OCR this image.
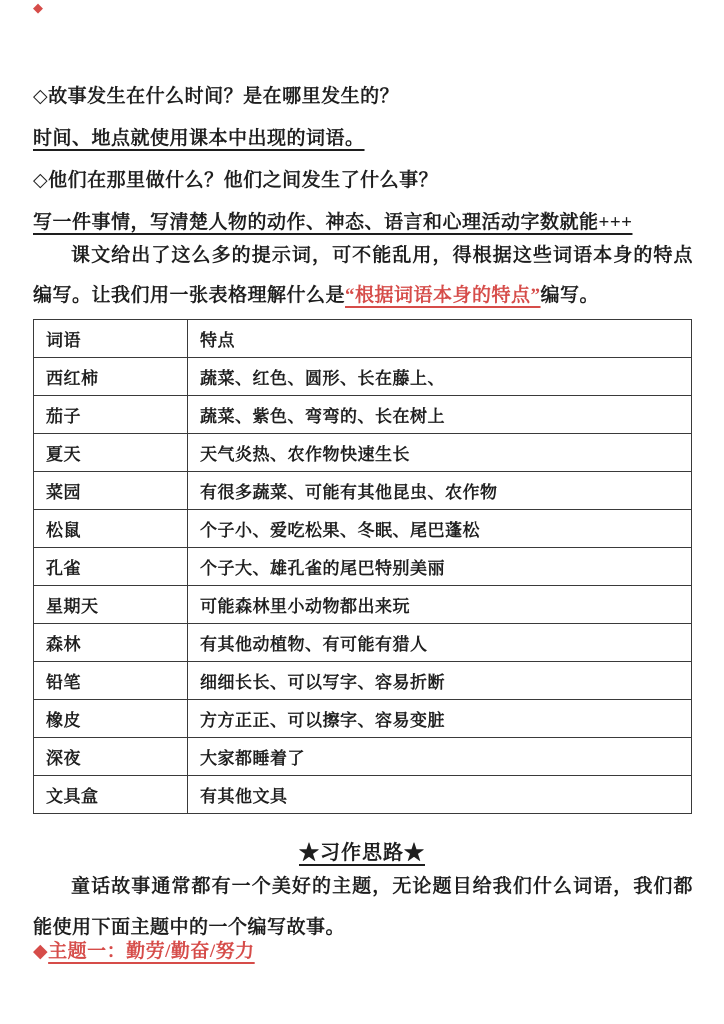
◆
◇故事发生在什么时间？是在哪里发生的？
时间、地点就使用课本中出现的词语。
◇他们在那里做什么？他们之间发生了什么事？
写一件事情，写清楚人物的动作、神态、语言和心理活动字数就能+++

课文给出了这么多的提示词，可不能乱用，得根据这些词语本身的特点编写。让我们用一张表格理解什么是“根据词语本身的特点”编写。

词语	特点
西红柿	蔬菜、红色、圆形、长在藤上、
茄子	蔬菜、紫色、弯弯的、长在树上
夏天	天气炎热、农作物快速生长
菜园	有很多蔬菜、可能有其他昆虫、农作物
松鼠	个子小、爱吃松果、冬眠、尾巴蓬松
孔雀	个子大、雄孔雀的尾巴特别美丽
星期天	可能森林里小动物都出来玩
森林	有其他动植物、有可能有猎人
铅笔	细细长长、可以写字、容易折断
橡皮	方方正正、可以擦字、容易变脏
深夜	大家都睡着了
文具盒	有其他文具
★习作思路★

童话故事通常都有一个美好的主题，无论题目给我们什么词语，我们都能使用下面主题中的一个编写故事。

◆主题一：勤劳/勤奋/努力
